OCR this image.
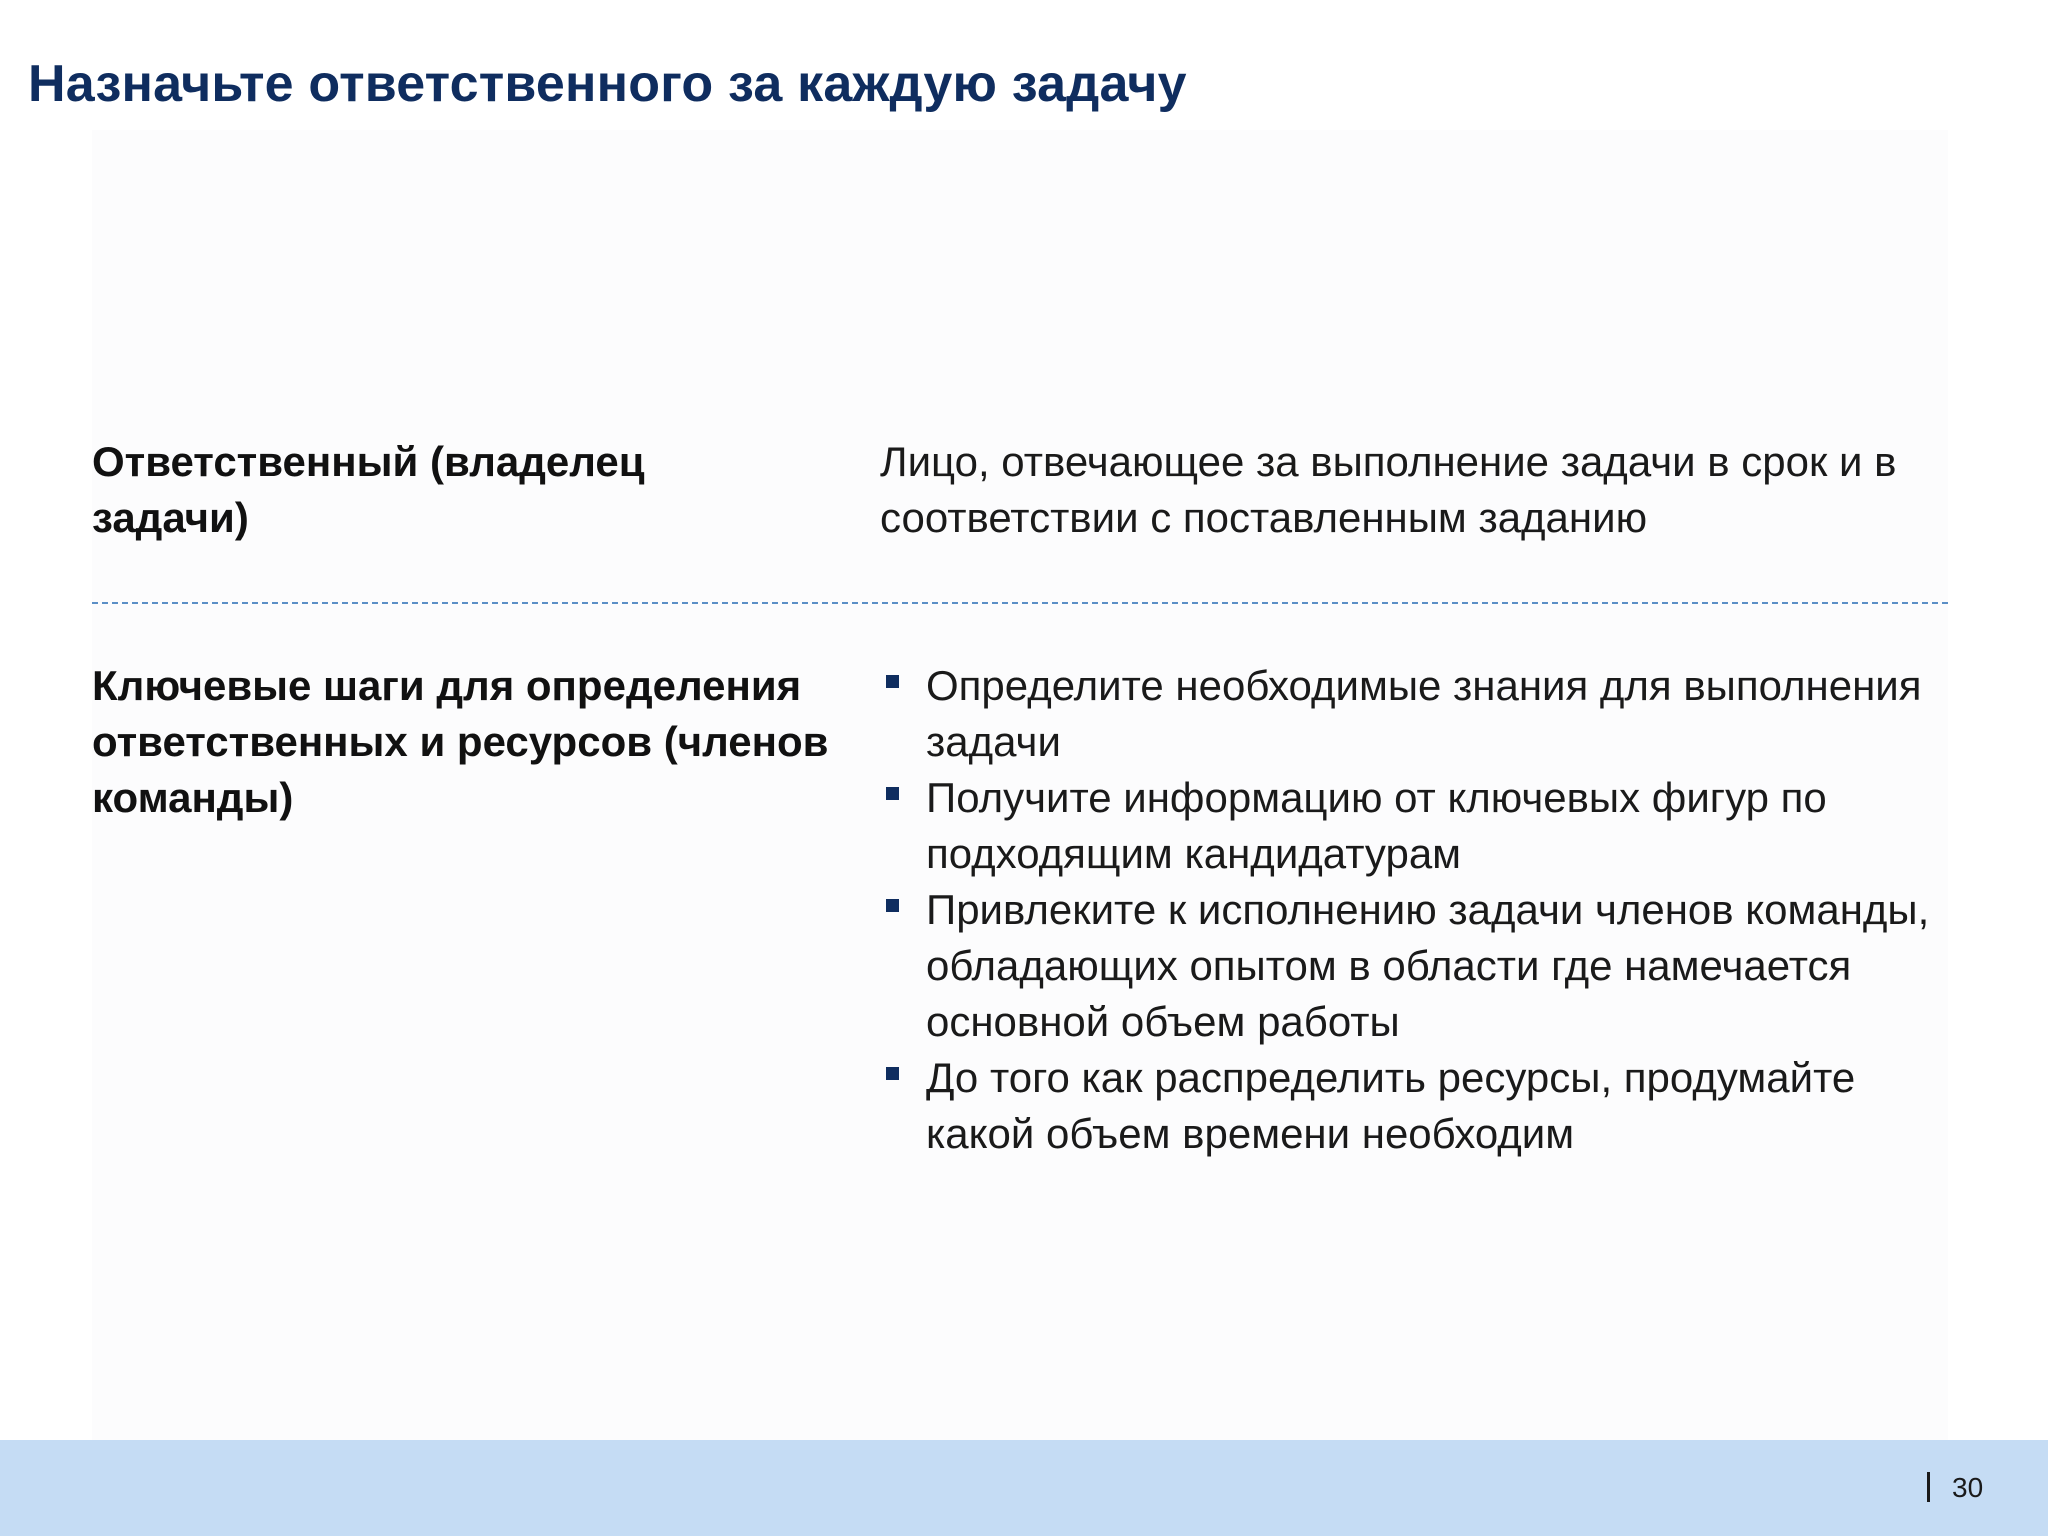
Назначьте ответственного за каждую задачу

Ответственный (владелец задачи)

Лицо, отвечающее за выполнение задачи в срок и в соответствии с поставленным заданию

Ключевые шаги для определения ответственных и ресурсов (членов команды)

Определите необходимые знания для выполнения задачи
Получите информацию от ключевых фигур по подходящим кандидатурам
Привлеките к исполнению задачи членов команды, обладающих опытом в области где намечается основной объем работы
До того как распределить ресурсы, продумайте какой объем времени необходим
30
